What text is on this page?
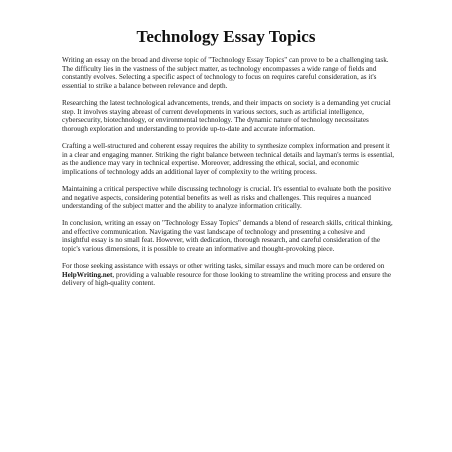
Technology Essay Topics

Writing an essay on the broad and diverse topic of "Technology Essay Topics" can prove to be a challenging task. The difficulty lies in the vastness of the subject matter, as technology encompasses a wide range of fields and constantly evolves. Selecting a specific aspect of technology to focus on requires careful consideration, as it's essential to strike a balance between relevance and depth.

Researching the latest technological advancements, trends, and their impacts on society is a demanding yet crucial step. It involves staying abreast of current developments in various sectors, such as artificial intelligence, cybersecurity, biotechnology, or environmental technology. The dynamic nature of technology necessitates thorough exploration and understanding to provide up-to-date and accurate information.

Crafting a well-structured and coherent essay requires the ability to synthesize complex information and present it in a clear and engaging manner. Striking the right balance between technical details and layman's terms is essential, as the audience may vary in technical expertise. Moreover, addressing the ethical, social, and economic implications of technology adds an additional layer of complexity to the writing process.

Maintaining a critical perspective while discussing technology is crucial. It's essential to evaluate both the positive and negative aspects, considering potential benefits as well as risks and challenges. This requires a nuanced understanding of the subject matter and the ability to analyze information critically.

In conclusion, writing an essay on "Technology Essay Topics" demands a blend of research skills, critical thinking, and effective communication. Navigating the vast landscape of technology and presenting a cohesive and insightful essay is no small feat. However, with dedication, thorough research, and careful consideration of the topic's various dimensions, it is possible to create an informative and thought-provoking piece.

For those seeking assistance with essays or other writing tasks, similar essays and much more can be ordered on HelpWriting.net, providing a valuable resource for those looking to streamline the writing process and ensure the delivery of high-quality content.
